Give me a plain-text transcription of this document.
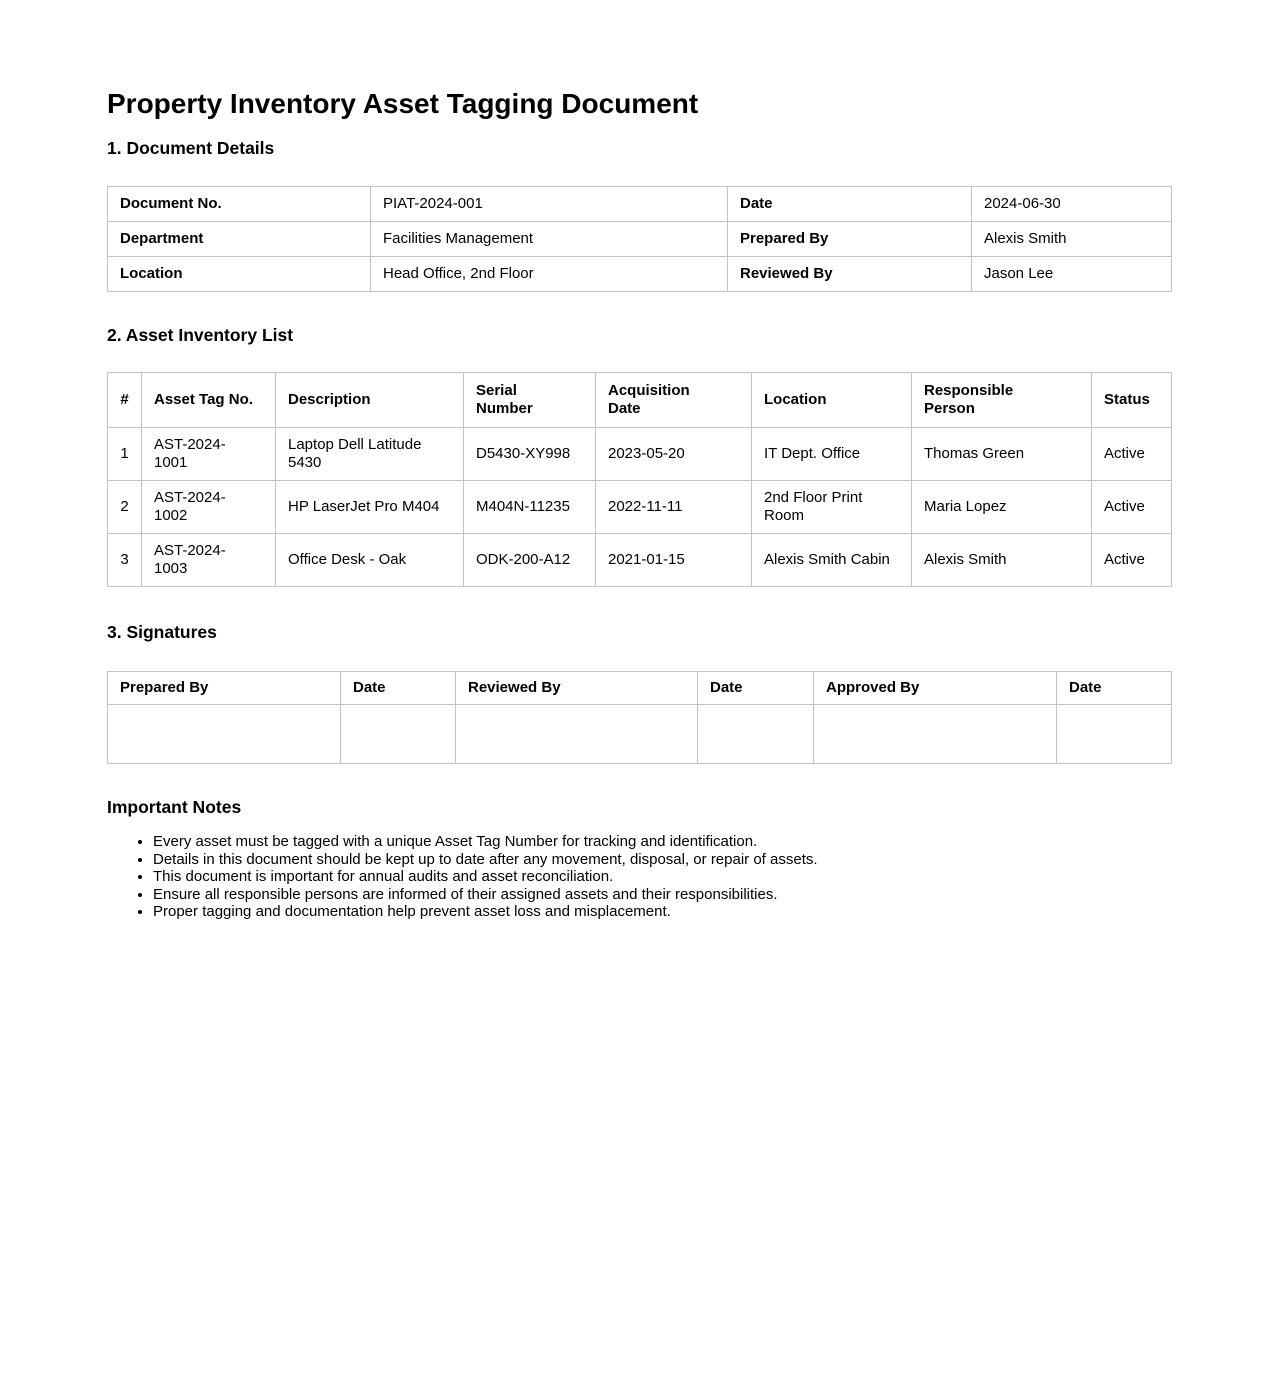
Property Inventory Asset Tagging Document
1. Document Details
Document No.	PIAT-2024-001	Date	2024-06-30
Department	Facilities Management	Prepared By	Alexis Smith
Location	Head Office, 2nd Floor	Reviewed By	Jason Lee
2. Asset Inventory List
#	Asset Tag No.	Description	Serial Number	Acquisition Date	Location	Responsible Person	Status
1	AST-2024-1001	Laptop Dell Latitude 5430	D5430-XY998	2023-05-20	IT Dept. Office	Thomas Green	Active
2	AST-2024-1002	HP LaserJet Pro M404	M404N-11235	2022-11-11	2nd Floor Print Room	Maria Lopez	Active
3	AST-2024-1003	Office Desk - Oak	ODK-200-A12	2021-01-15	Alexis Smith Cabin	Alexis Smith	Active
3. Signatures
Prepared By	Date	Reviewed By	Date	Approved By	Date

Important Notes
• Every asset must be tagged with a unique Asset Tag Number for tracking and identification.
• Details in this document should be kept up to date after any movement, disposal, or repair of assets.
• This document is important for annual audits and asset reconciliation.
• Ensure all responsible persons are informed of their assigned assets and their responsibilities.
• Proper tagging and documentation help prevent asset loss and misplacement.
